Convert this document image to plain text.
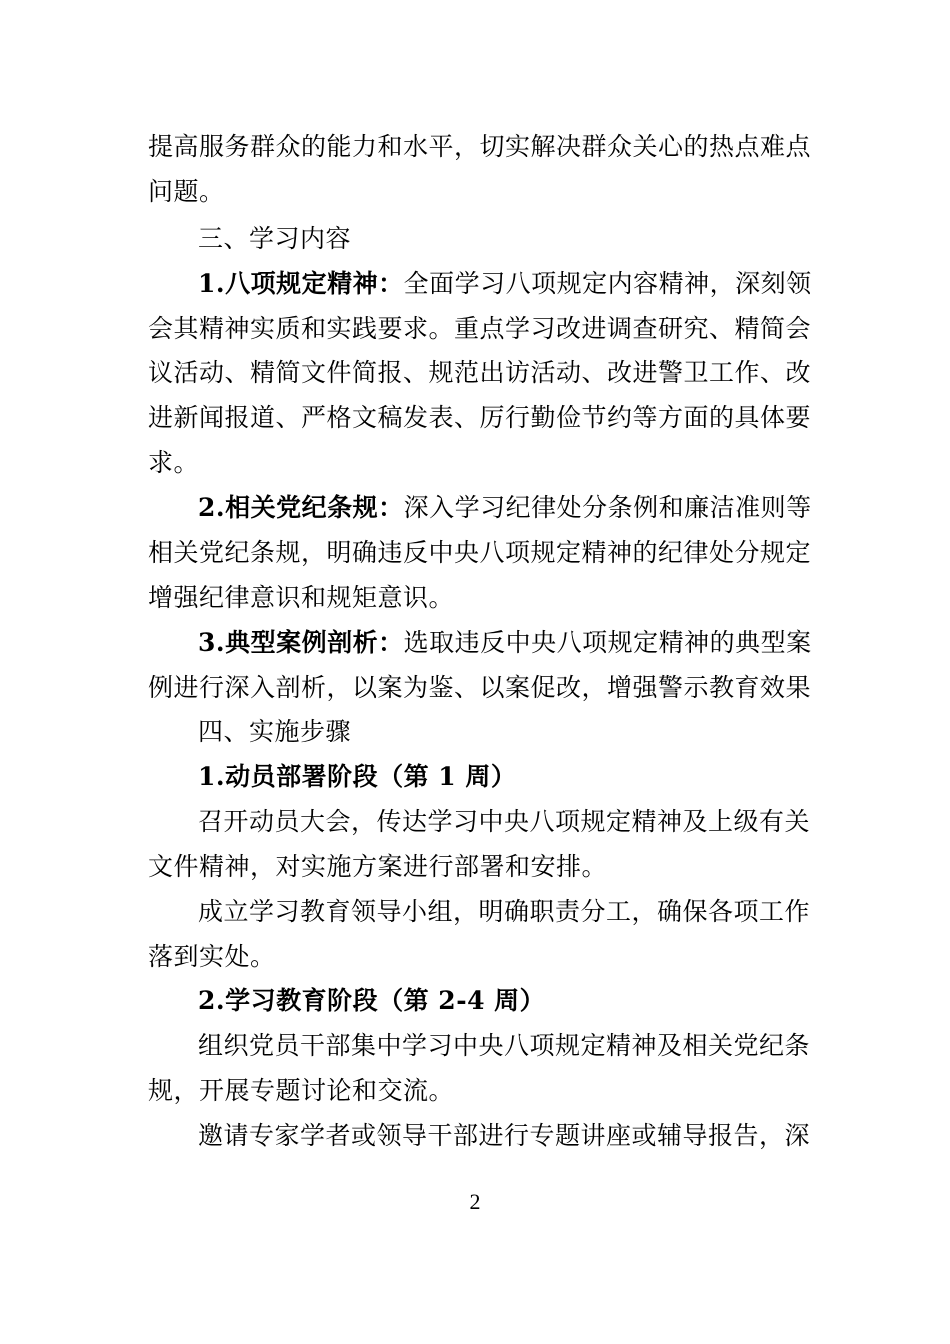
提高服务群众的能力和水平，切实解决群众关心的热点难点
问题。
三、学习内容
1.八项规定精神：全面学习八项规定内容精神，深刻领
会其精神实质和实践要求。重点学习改进调查研究、精简会
议活动、精简文件简报、规范出访活动、改进警卫工作、改
进新闻报道、严格文稿发表、厉行勤俭节约等方面的具体要
求。
2.相关党纪条规：深入学习纪律处分条例和廉洁准则等
相关党纪条规，明确违反中央八项规定精神的纪律处分规定
增强纪律意识和规矩意识。
3.典型案例剖析：选取违反中央八项规定精神的典型案
例进行深入剖析，以案为鉴、以案促改，增强警示教育效果
四、实施步骤
1.动员部署阶段（第 1 周）
召开动员大会，传达学习中央八项规定精神及上级有关
文件精神，对实施方案进行部署和安排。
成立学习教育领导小组，明确职责分工，确保各项工作
落到实处。
2.学习教育阶段（第 2-4 周）
组织党员干部集中学习中央八项规定精神及相关党纪条
规，开展专题讨论和交流。
邀请专家学者或领导干部进行专题讲座或辅导报告，深
2
